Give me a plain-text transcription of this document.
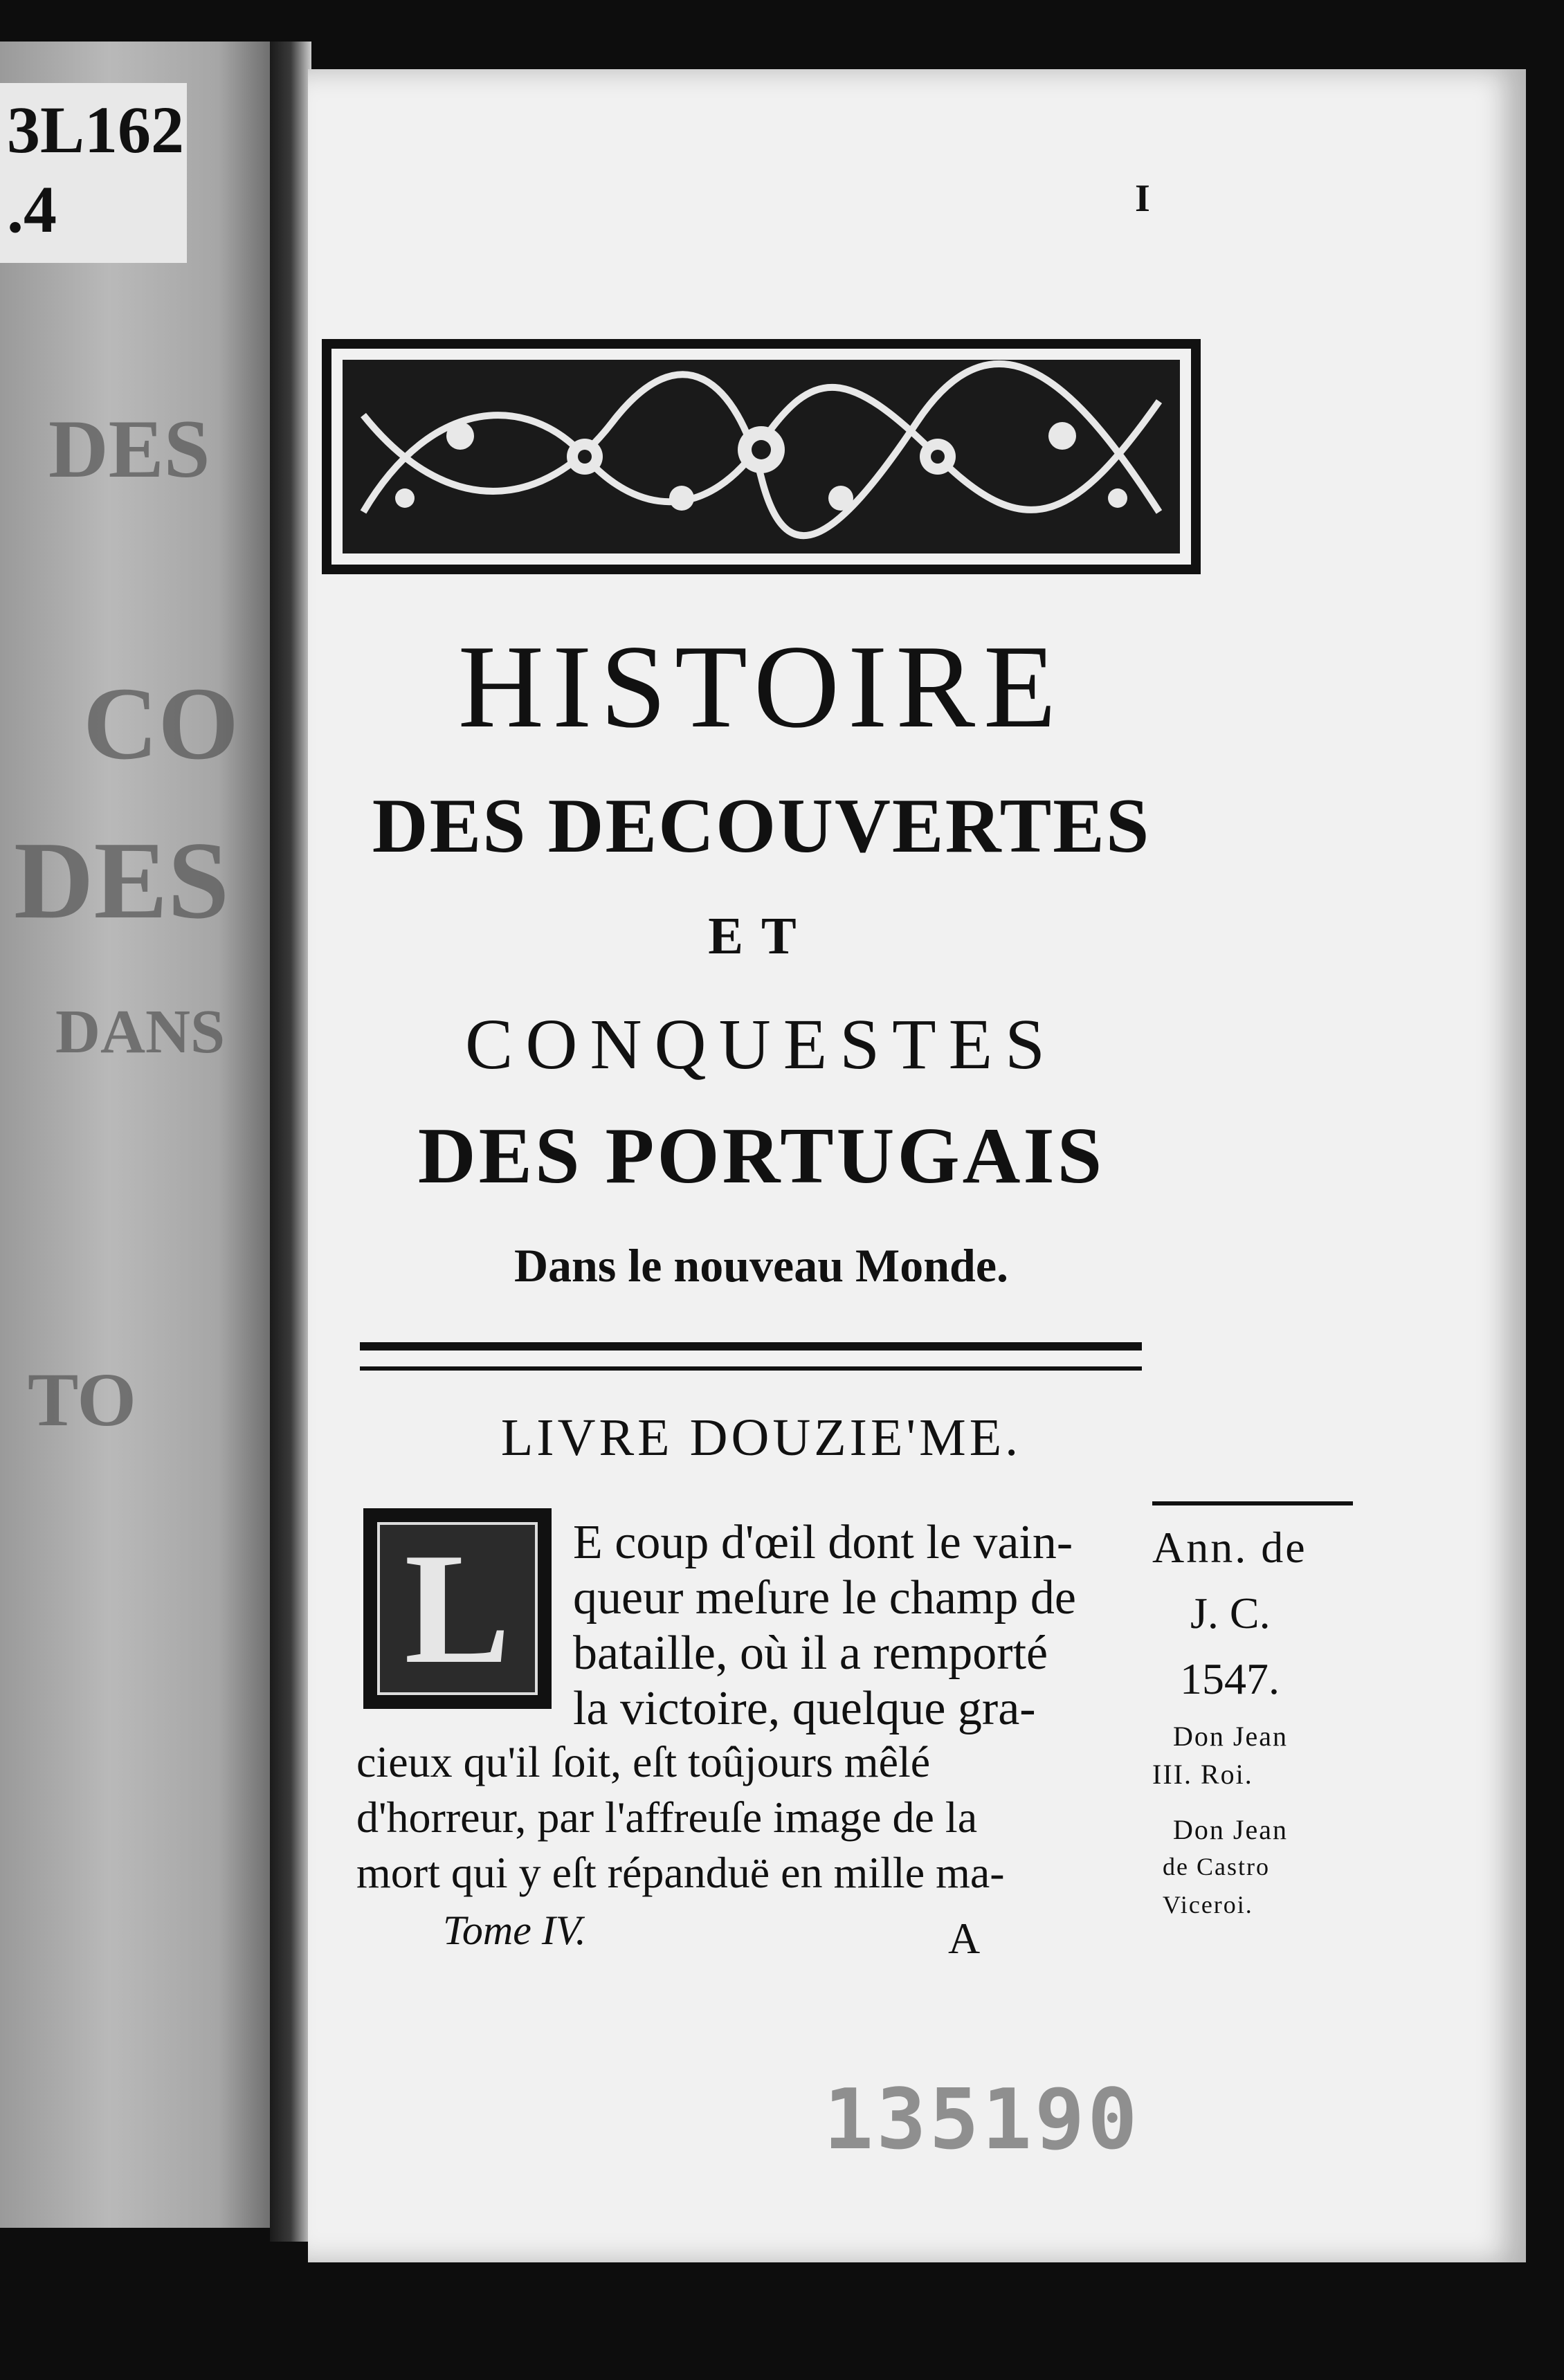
DES
CO
DES
DANS
TO
3L162
.4	I
HISTOIRE
DES DECOUVERTES
ET
CONQUESTES
DES PORTUGAIS
Dans le nouveau Monde.
LIVRE DOUZIE'ME.
L E coup d'œil dont le vain-
queur meſure le champ de
bataille, où il a remporté
la victoire, quelque gra-
cieux qu'il ſoit, eſt toûjours mêlé
d'horreur, par l'affreuſe image de la
mort qui y eſt répanduë en mille ma-
Ann. de
J. C.
1547.
Don Jean
III. Roi.
Don Jean
de Castro
Viceroi.
Tome IV.	A
135190
